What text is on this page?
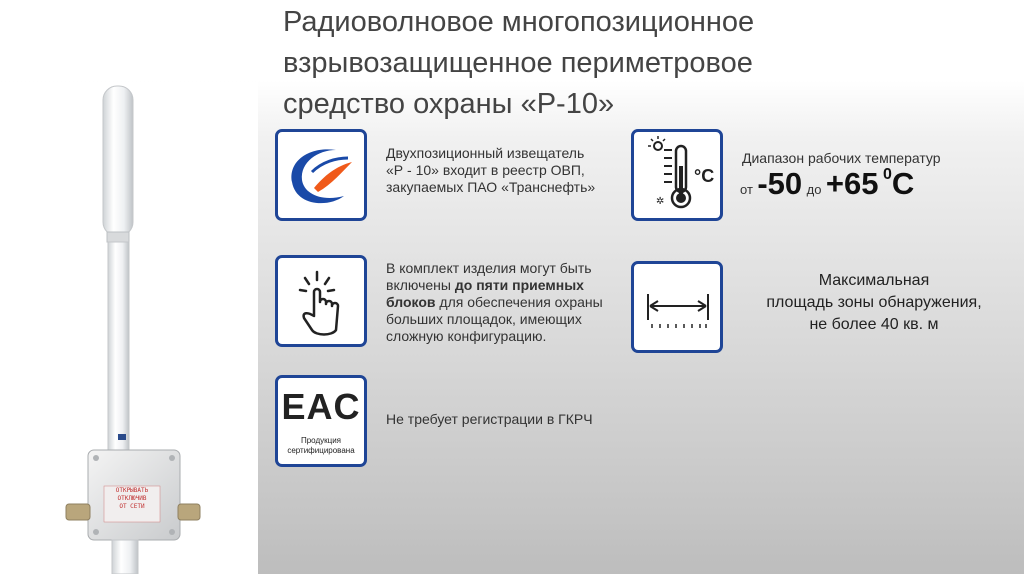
ОТКРЫВАТЬ
ОТКЛЮЧИВ
ОТ СЕТИ
Радиоволновое многопозиционное
взрывозащищенное периметровое
средство охраны «Р-10»
Двухпозиционный извещатель
«Р - 10» входит в реестр ОВП,
закупаемых ПАО «Транснефть»
✲
°C
Диапазон рабочих температур
от -50 до +65 $^0$C
В комплект изделия могут быть
включены до пяти приемных
блоков для обеспечения охраны
больших площадок, имеющих
сложную конфигурацию.
Максимальная
площадь зоны обнаружения,
не более 40 кв. м
EAC
Продукция
сертифицирована
Не требует регистрации в ГКРЧ
